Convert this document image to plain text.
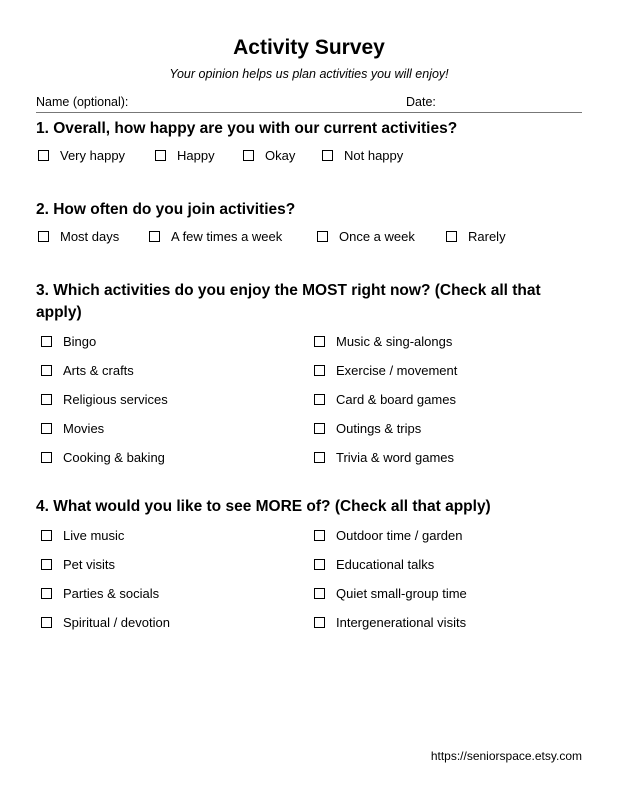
Activity Survey
Your opinion helps us plan activities you will enjoy!
Name (optional):	Date:
1. Overall, how happy are you with our current activities?
Very happy	Happy	Okay	Not happy
2. How often do you join activities?
Most days	A few times a week	Once a week	Rarely
3. Which activities do you enjoy the MOST right now? (Check all that apply)
Bingo
Arts & crafts
Religious services
Movies
Cooking & baking
Music & sing-alongs
Exercise / movement
Card & board games
Outings & trips
Trivia & word games
4. What would you like to see MORE of? (Check all that apply)
Live music
Pet visits
Parties & socials
Spiritual / devotion
Outdoor time / garden
Educational talks
Quiet small-group time
Intergenerational visits
https://seniorspace.etsy.com
